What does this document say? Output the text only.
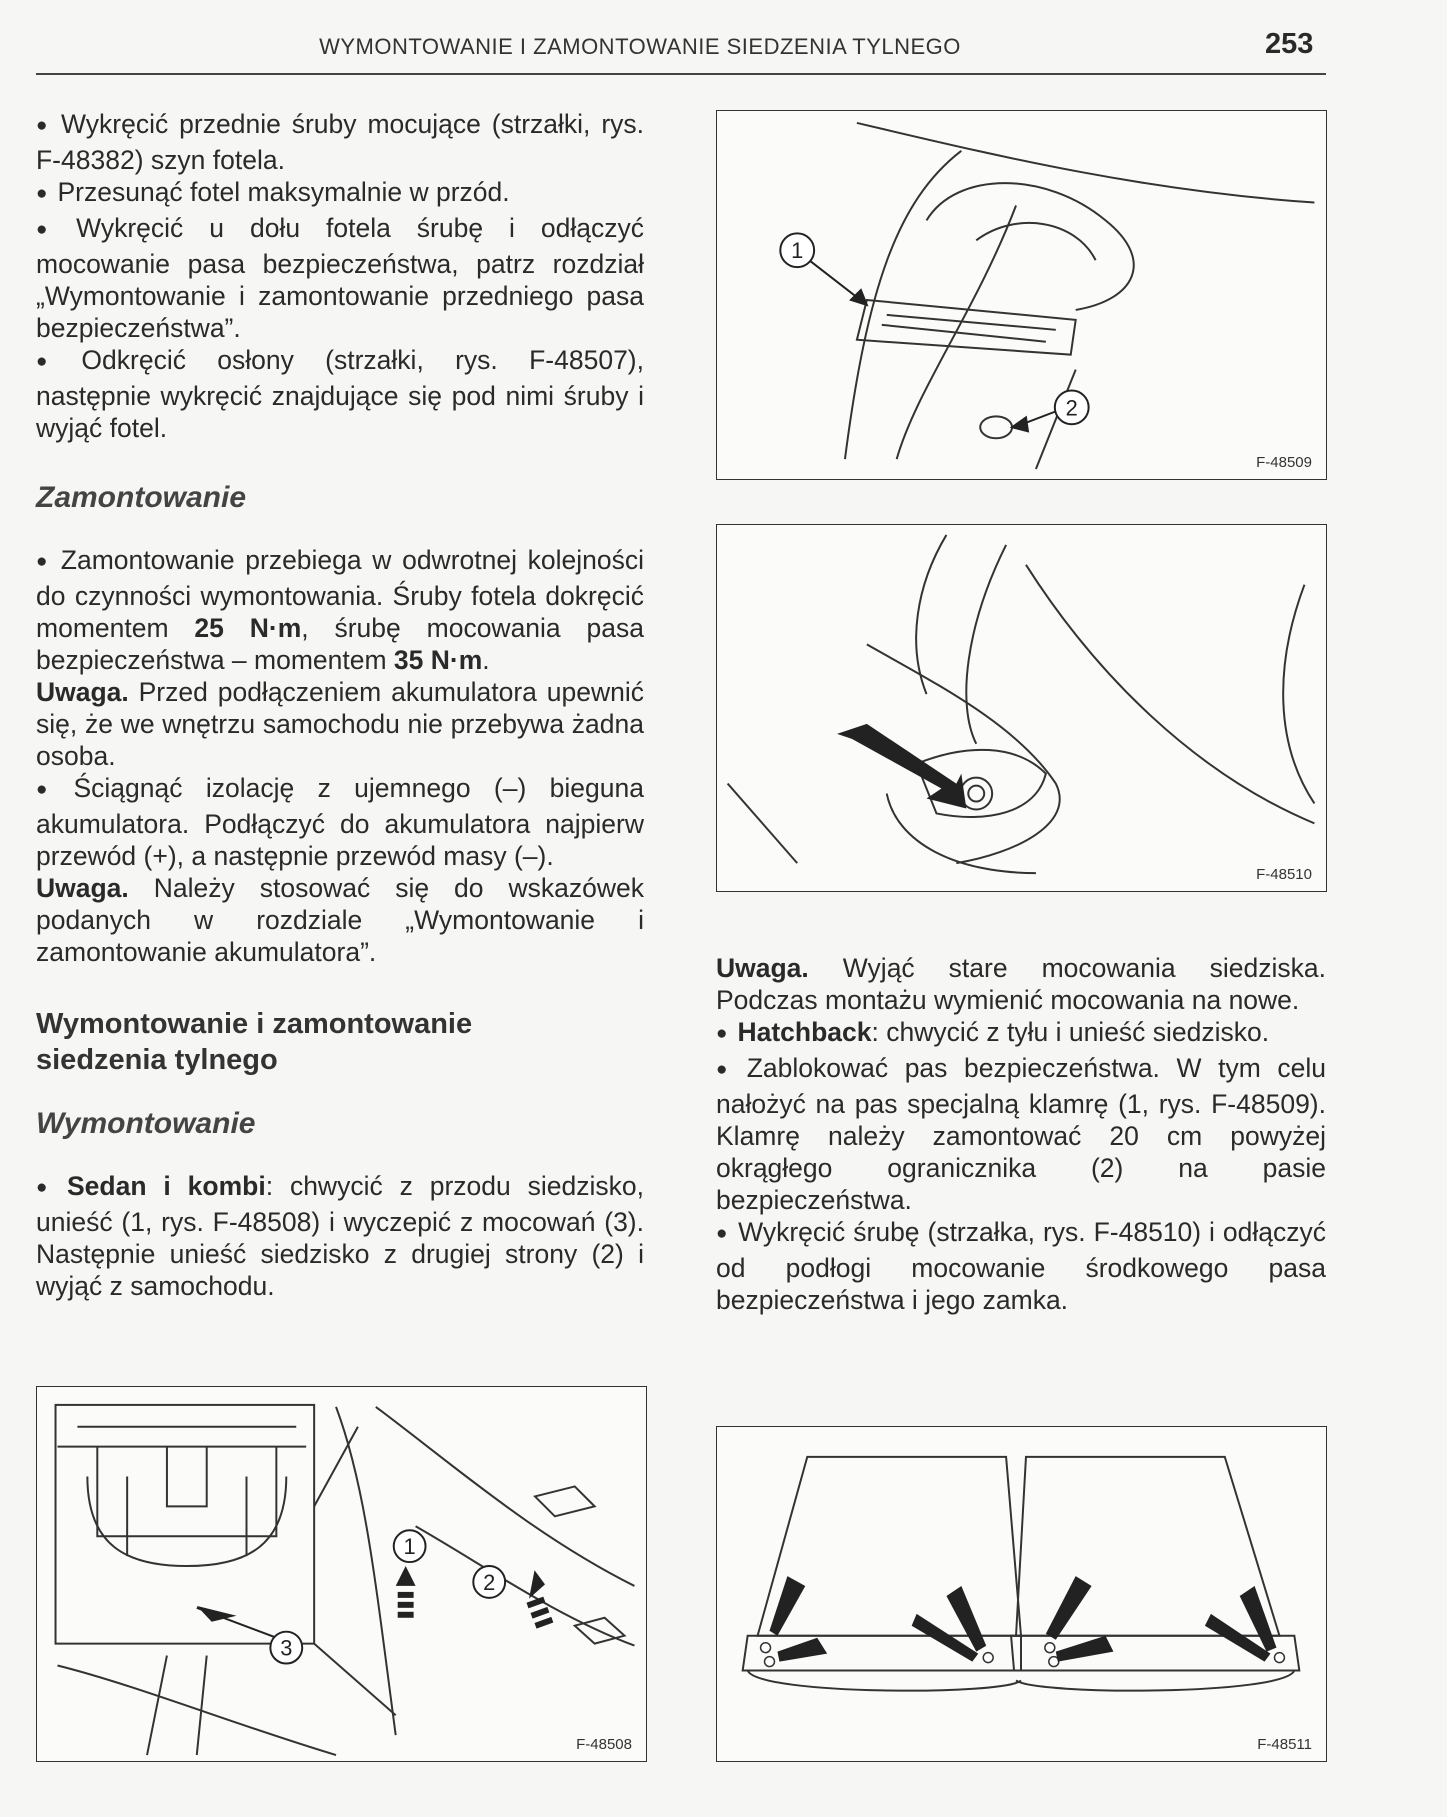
WYMONTOWANIE I ZAMONTOWANIE SIEDZENIA TYLNEGO	253

● Wykręcić przednie śruby mocujące (strzałki, rys. F-48382) szyn fotela.

● Przesunąć fotel maksymalnie w przód.

● Wykręcić u dołu fotela śrubę i odłączyć mocowanie pasa bezpieczeństwa, patrz rozdział „Wymontowanie i zamontowanie przedniego pasa bezpieczeństwa”.

● Odkręcić osłony (strzałki, rys. F-48507), następnie wykręcić znajdujące się pod nimi śruby i wyjąć fotel.

Zamontowanie

● Zamontowanie przebiega w odwrotnej kolejności do czynności wymontowania. Śruby fotela dokręcić momentem 25 N·m, śrubę mocowania pasa bezpieczeństwa – momentem 35 N·m.

Uwaga. Przed podłączeniem akumulatora upewnić się, że we wnętrzu samochodu nie przebywa żadna osoba.

● Ściągnąć izolację z ujemnego (–) bieguna akumulatora. Podłączyć do akumulatora najpierw przewód (+), a następnie przewód masy (–).

Uwaga. Należy stosować się do wskazówek podanych w rozdziale „Wymontowanie i zamontowanie akumulatora”.

Wymontowanie i zamontowanie siedzenia tylnego
Wymontowanie

● Sedan i kombi: chwycić z przodu siedzisko, unieść (1, rys. F-48508) i wyczepić z mocowań (3). Następnie unieść siedzisko z drugiej strony (2) i wyjąć z samochodu.

Uwaga. Wyjąć stare mocowania siedziska. Podczas montażu wymienić mocowania na nowe.

● Hatchback: chwycić z tyłu i unieść siedzisko.

● Zablokować pas bezpieczeństwa. W tym celu nałożyć na pas specjalną klamrę (1, rys. F-48509). Klamrę należy zamontować 20 cm powyżej okrągłego ogranicznika (2) na pasie bezpieczeństwa.

● Wykręcić śrubę (strzałka, rys. F-48510) i odłączyć od podłogi mocowanie środkowego pasa bezpieczeństwa i jego zamka.

1
2
F-48509
F-48510
1
2
3
F-48508	F-48511
